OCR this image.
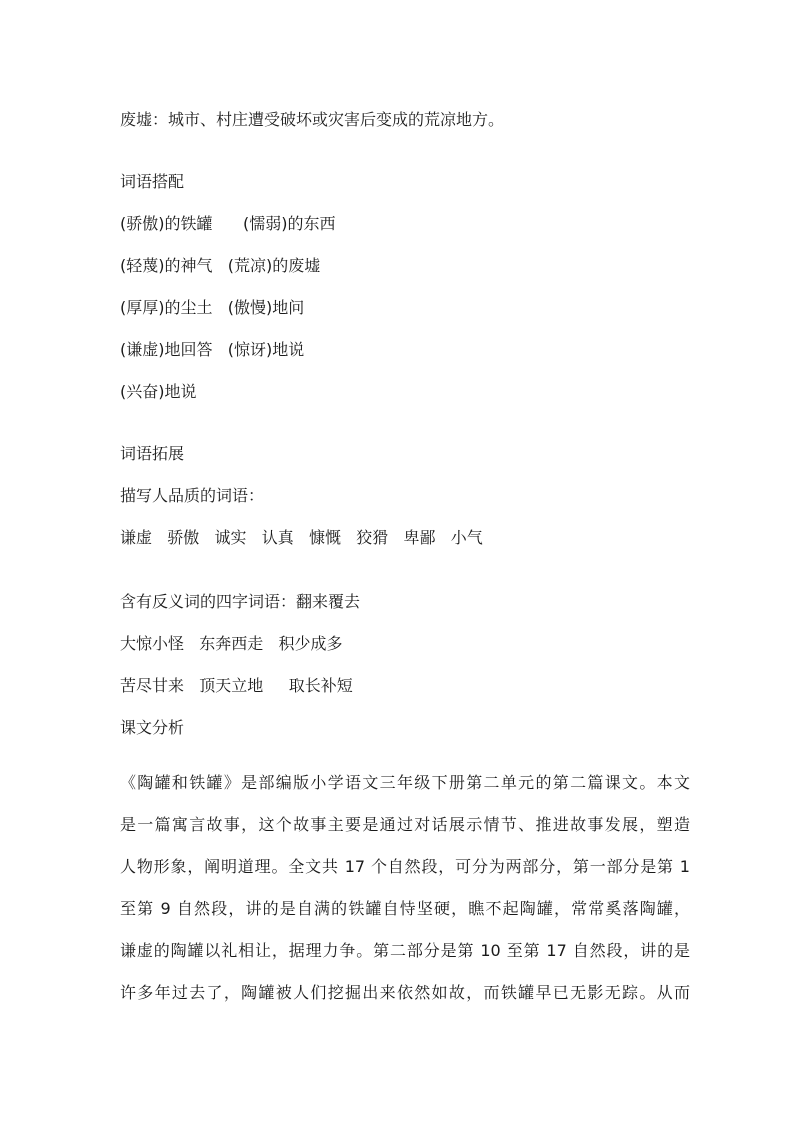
废墟：城市、村庄遭受破坏或灾害后变成的荒凉地方。
词语搭配
(骄傲)的铁罐      (懦弱)的东西
(轻蔑)的神气   (荒凉)的废墟
(厚厚)的尘土   (傲慢)地问
(谦虚)地回答   (惊讶)地说
(兴奋)地说
词语拓展
描写人品质的词语：
谦虚   骄傲   诚实   认真   慷慨   狡猾   卑鄙   小气
含有反义词的四字词语：翻来覆去
大惊小怪   东奔西走   积少成多
苦尽甘来   顶天立地     取长补短
课文分析
《陶罐和铁罐》是部编版小学语文三年级下册第二单元的第二篇课文。本文
是一篇寓言故事，这个故事主要是通过对话展示情节、推进故事发展，塑造
人物形象，阐明道理。全文共 17 个自然段，可分为两部分，第一部分是第 1
至第 9 自然段，讲的是自满的铁罐自恃坚硬，瞧不起陶罐，常常奚落陶罐，
谦虚的陶罐以礼相让，据理力争。第二部分是第 10 至第 17 自然段，讲的是
许多年过去了，陶罐被人们挖掘出来依然如故，而铁罐早已无影无踪。从而
